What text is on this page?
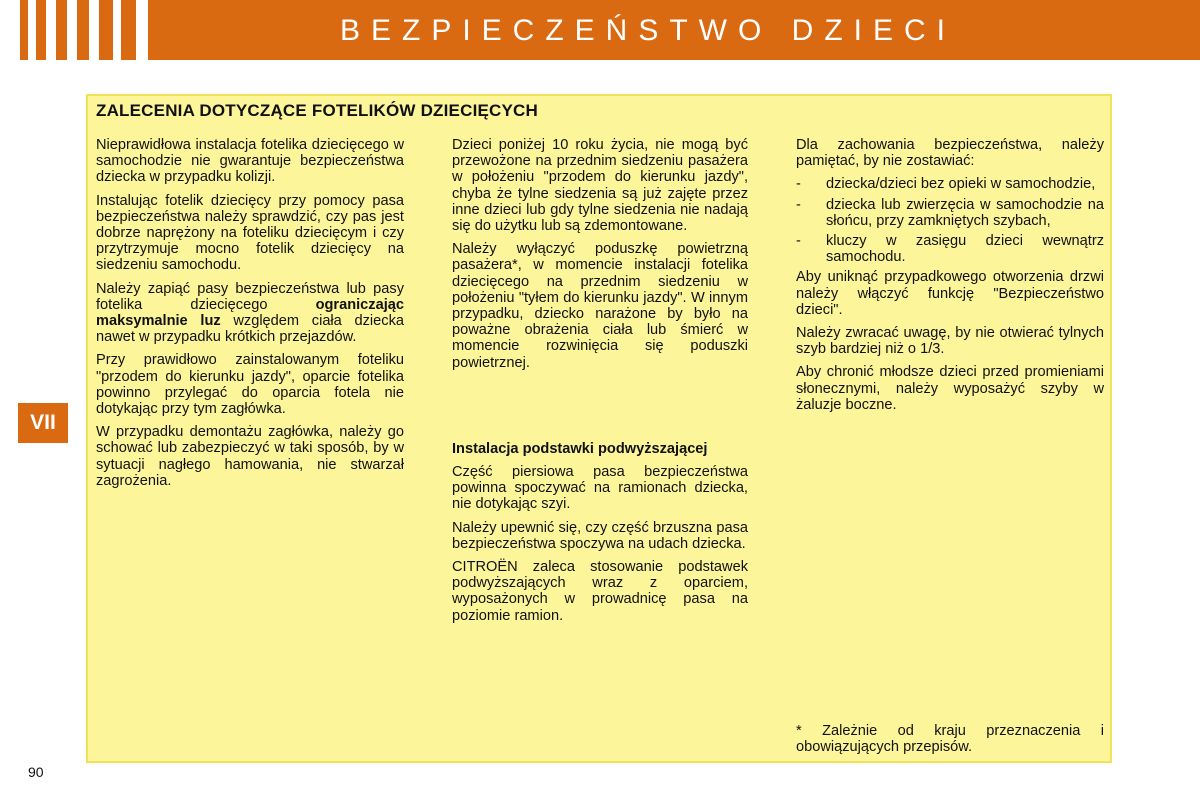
BEZPIECZEŃSTWO DZIECI
VII
90
ZALECENIA DOTYCZĄCE FOTELIKÓW DZIECIĘCYCH

Nieprawidłowa instalacja fotelika dziecięcego w samochodzie nie gwarantuje bezpieczeństwa dziecka w przypadku kolizji.

Instalując fotelik dziecięcy przy pomocy pasa bezpieczeństwa należy sprawdzić, czy pas jest dobrze naprężony na foteliku dziecięcym i czy przytrzymuje mocno fotelik dziecięcy na siedzeniu samochodu.

Należy zapiąć pasy bezpieczeństwa lub pasy fotelika dziecięcego ograniczając maksymalnie luz względem ciała dziecka nawet w przypadku krótkich przejazdów.

Przy prawidłowo zainstalowanym foteliku "przodem do kierunku jazdy", oparcie fotelika powinno przylegać do oparcia fotela nie dotykając przy tym zagłówka.

W przypadku demontażu zagłówka, należy go schować lub zabezpieczyć w taki sposób, by w sytuacji nagłego hamowania, nie stwarzał zagrożenia.

Dzieci poniżej 10 roku życia, nie mogą być przewożone na przednim siedzeniu pasażera w położeniu "przodem do kierunku jazdy", chyba że tylne siedzenia są już zajęte przez inne dzieci lub gdy tylne siedzenia nie nadają się do użytku lub są zdemontowane.

Należy wyłączyć poduszkę powietrzną pasażera*, w momencie instalacji fotelika dziecięcego na przednim siedzeniu w położeniu "tyłem do kierunku jazdy". W innym przypadku, dziecko narażone by było na poważne obrażenia ciała lub śmierć w momencie rozwinięcia się poduszki powietrznej.

Instalacja podstawki podwyższającej

Część piersiowa pasa bezpieczeństwa powinna spoczywać na ramionach dziecka, nie dotykając szyi.

Należy upewnić się, czy część brzuszna pasa bezpieczeństwa spoczywa na udach dziecka.

CITROËN zaleca stosowanie podstawek podwyższających wraz z oparciem, wyposażonych w prowadnicę pasa na poziomie ramion.

Dla zachowania bezpieczeństwa, należy pamiętać, by nie zostawiać:

-	dziecka/dzieci bez opieki w samochodzie,
-	dziecka lub zwierzęcia w samochodzie na słońcu, przy zamkniętych szybach,
-	kluczy w zasięgu dzieci wewnątrz samochodu.

Aby uniknąć przypadkowego otworzenia drzwi należy włączyć funkcję "Bezpieczeństwo dzieci".

Należy zwracać uwagę, by nie otwierać tylnych szyb bardziej niż o 1/3.

Aby chronić młodsze dzieci przed promieniami słonecznymi, należy wyposażyć szyby w żaluzje boczne.

* Zależnie od kraju przeznaczenia i obowiązujących przepisów.
